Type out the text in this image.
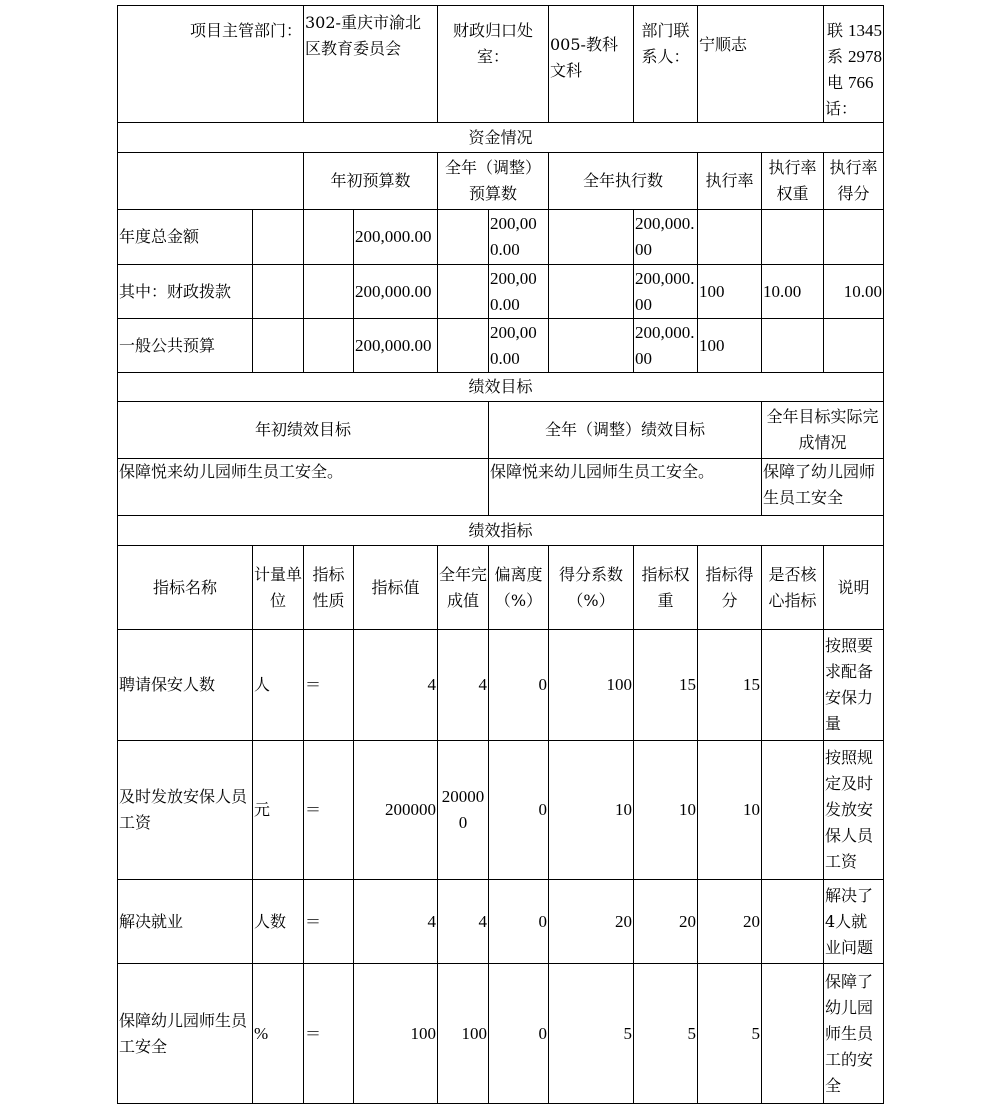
项目主管部门：		302-重庆市渝北区教育委员会		财政归口处室：		005-教科文科	部门联系人：	宁顺志		联系电话：
13452978766

资金情况										
		年初预算数		全年（调整）预算数		全年执行数		执行率	执行率权重	执行率得分
年度总金额			200,000.00		200,000.00		200,000.00			
其中：财政拨款			200,000.00		200,000.00		200,000.00	100	10.00	10.00
一般公共预算			200,000.00		200,000.00		200,000.00	100		
绩效目标										
年初绩效目标					全年（调整）绩效目标				全年目标实际完成情况	
保障悦来幼儿园师生员工安全。					保障悦来幼儿园师生员工安全。				保障了幼儿园师生员工安全	
绩效指标										
指标名称	计量单位	指标性质	指标值	全年完成值	偏离度（%）	得分系数（%）	指标权重	指标得分	是否核心指标	说明
聘请保安人数	人	＝	4	4	0	100	15	15		按照要求配备安保力量
及时发放安保人员工资	元	＝	200000	200000	0	10	10	10		按照规定及时发放安保人员工资
解决就业	人数	＝	4	4	0	20	20	20		解决了4人就业问题
保障幼儿园师生员工安全	%	＝	100	100	0	5	5	5		保障了幼儿园师生员工的安全
